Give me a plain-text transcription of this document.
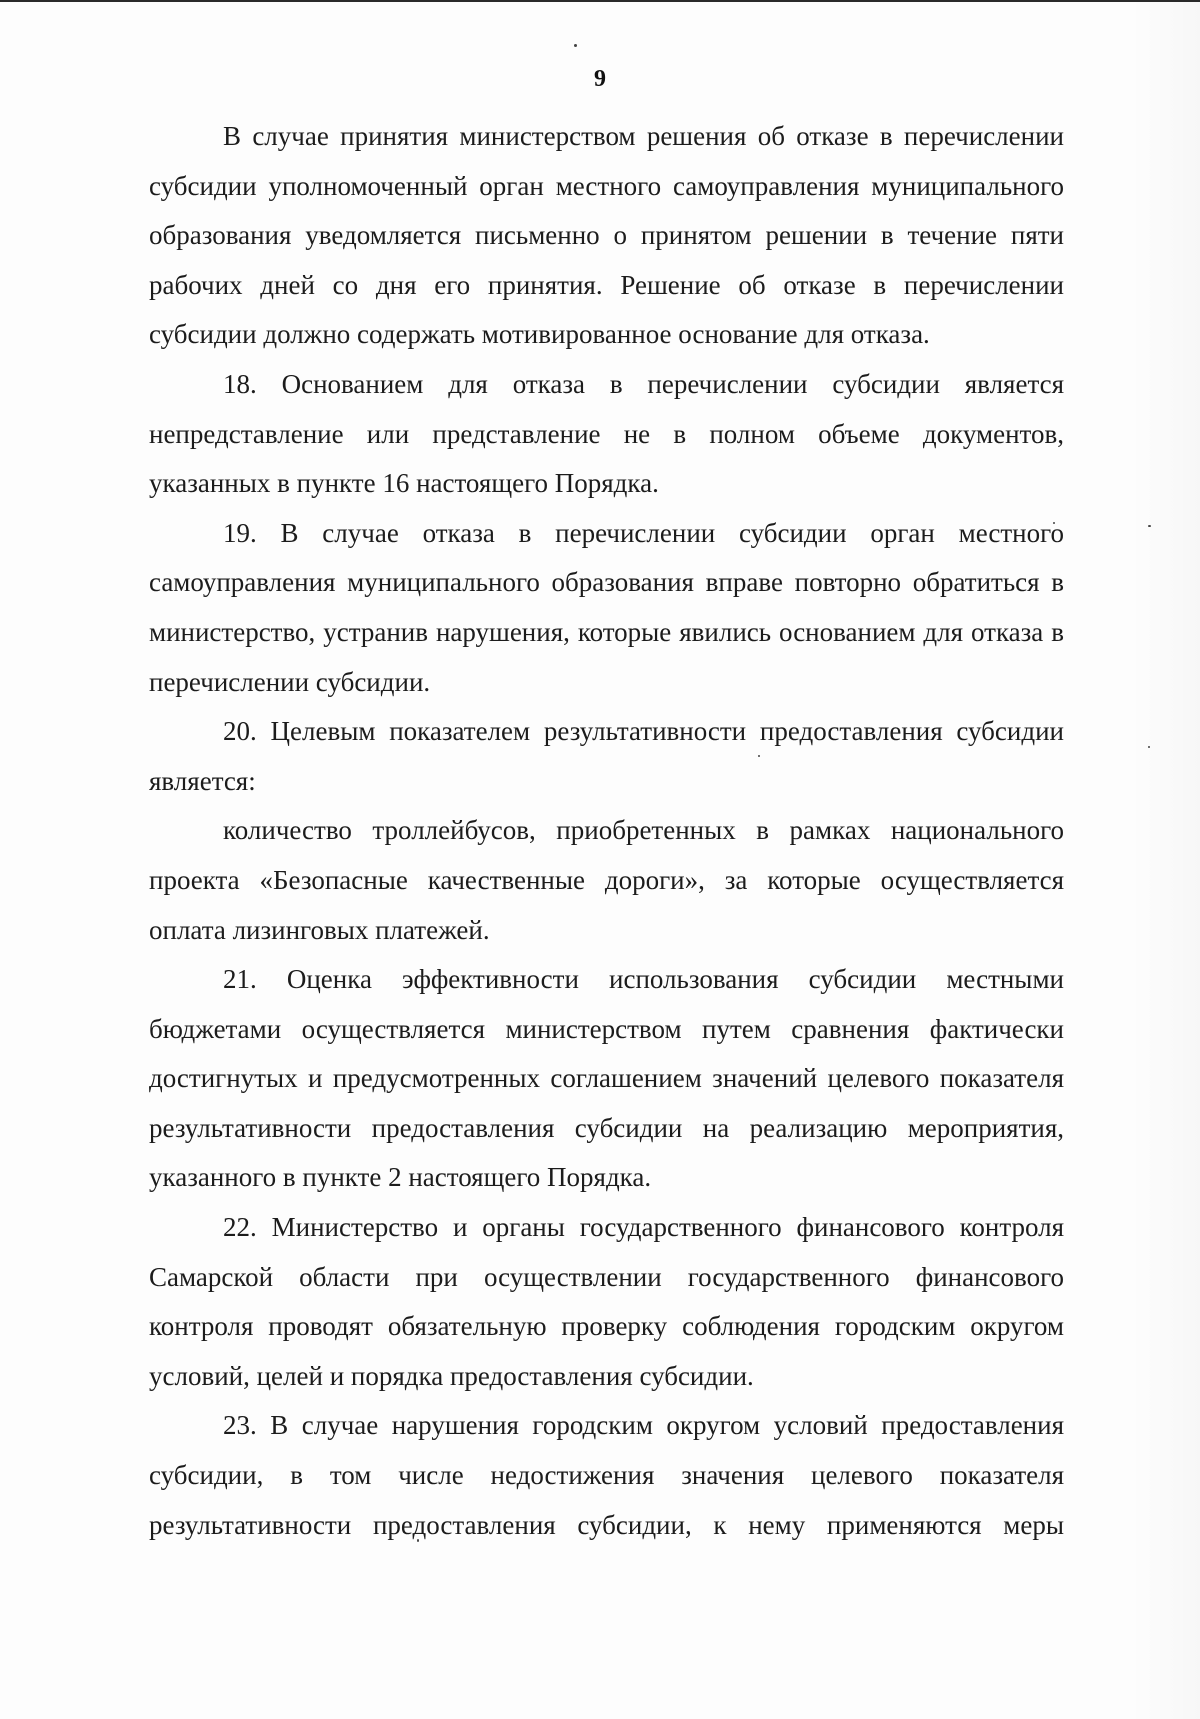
9

В случае принятия министерством решения об отказе в перечислении субсидии уполномоченный орган местного самоуправления муниципального образования уведомляется письменно о принятом решении в течение пяти рабочих дней со дня его принятия. Решение об отказе в перечислении субсидии должно содержать мотивированное основание для отказа.

18. Основанием для отказа в перечислении субсидии является непредставление или представление не в полном объеме документов, указанных в пункте 16 настоящего Порядка.

19. В случае отказа в перечислении субсидии орган местного самоуправления муниципального образования вправе повторно обратиться в министерство, устранив нарушения, которые явились основанием для отказа в перечислении субсидии.

20. Целевым показателем результативности предоставления субсидии является:

количество троллейбусов, приобретенных в рамках национального проекта «Безопасные качественные дороги», за которые осуществляется оплата лизинговых платежей.

21. Оценка эффективности использования субсидии местными бюджетами осуществляется министерством путем сравнения фактически достигнутых и предусмотренных соглашением значений целевого показателя результативности предоставления субсидии на реализацию мероприятия, указанного в пункте 2 настоящего Порядка.

22. Министерство и органы государственного финансового контроля Самарской области при осуществлении государственного финансового контроля проводят обязательную проверку соблюдения городским округом условий, целей и порядка предоставления субсидии.

23. В случае нарушения городским округом условий предоставления субсидии, в том числе недостижения значения целевого показателя результативности предоставления субсидии, к нему применяются меры
